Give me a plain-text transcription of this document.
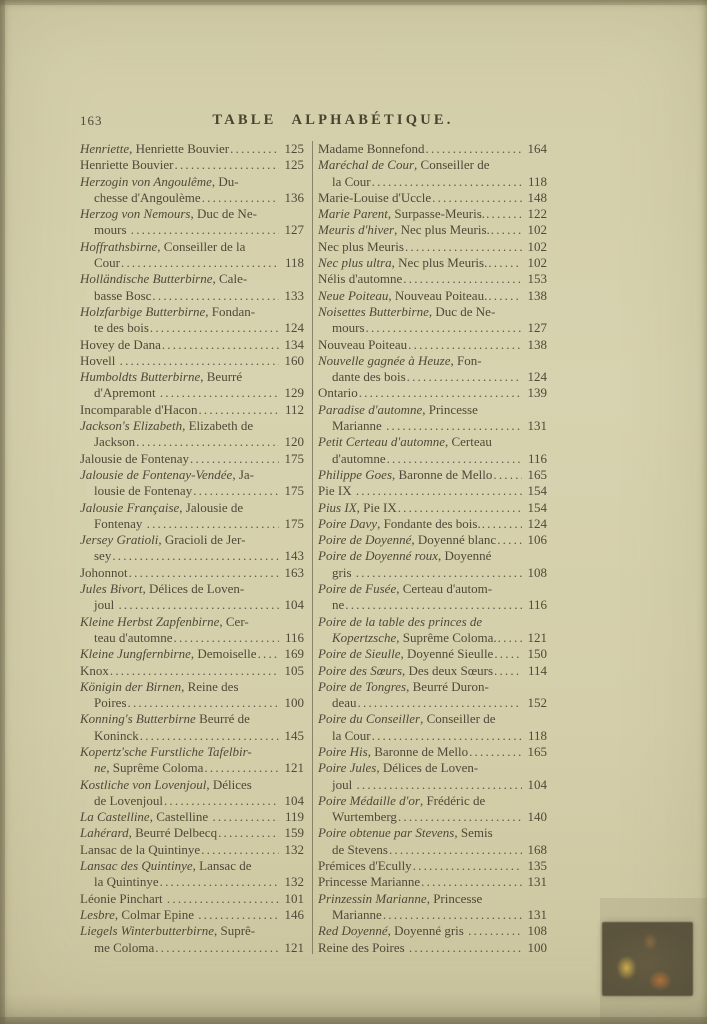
163	TABLE ALPHABÉTIQUE.
Henriette , Henriette Bouvier .....	125
Henriette Bouvier .....	125
Herzogin von Angoulême , Du-
chesse d'Angoulème .....	136
Herzog von Nemours , Duc de Ne-
mours .....	127
Hoffrathsbirne , Conseiller de la
Cour .....	118
Holländische Butterbirne , Cale-
basse Bosc .....	133
Holzfarbige Butterbirne , Fondan-
te des bois .....	124
Hovey de Dana .....	134
Hovell .....	160
Humboldts Butterbirne , Beurré
d'Apremont .....	129
Incomparable d'Hacon .....	112
Jackson's Elizabeth , Elizabeth de
Jackson .....	120
Jalousie de Fontenay .....	175
Jalousie de Fontenay-Vendée , Ja-
lousie de Fontenay .....	175
Jalousie Française , Jalousie de
Fontenay .....	175
Jersey Gratioli , Gracioli de Jer-
sey .....	143
Johonnot .....	163
Jules Bivort , Délices de Loven-
joul .....	104
Kleine Herbst Zapfenbirne , Cer-
teau d'automne .....	116
Kleine Jungfernbirne , Demoiselle ..... 169
Knox .....	105
Königin der Birnen , Reine des
Poires .....	100
Konning's Butterbirne Beurré de
Koninck .....	145
Kopertz'sche Furstliche Tafelbir-
ne , Suprême Coloma .....	121
Kostliche von Lovenjoul , Délices
de Lovenjoul .....	104
La Castelline , Castelline .....	119
Lahérard , Beurré Delbecq .....	159
Lansac de la Quintinye .....	132
Lansac des Quintinye , Lansac de
la Quintinye .....	132
Léonie Pinchart .....	101
Lesbre , Colmar Epine .....	146
Liegels Winterbutterbirne , Suprê-
me Coloma .....	121
Madame Bonnefond .....	164
Maréchal de Cour , Conseiller de
la Cour .....	118
Marie-Louise d'Uccle .....	148
Marie Parent , Surpasse-Meuris. .....	122
Meuris d'hiver , Nec plus Meuris. .....	102
Nec plus Meuris .....	102
Nec plus ultra , Nec plus Meuris. .....	102
Nélis d'automne .....	153
Neue Poiteau , Nouveau Poiteau. .....	138
Noisettes Butterbirne , Duc de Ne-
mours .....	127
Nouveau Poiteau .....	138
Nouvelle gagnée à Heuze , Fon-
dante des bois .....	124
Ontario .....	139
Paradise d'automne , Princesse
Marianne .....	131
Petit Certeau d'automne , Certeau
d'automne .....	116
Philippe Goes , Baronne de Mello .....	165
Pie IX .....	154
Pius IX , Pie IX .....	154
Poire Davy , Fondante des bois. .....	124
Poire de Doyenné , Doyenné blanc ..... 106
Poire de Doyenné roux , Doyenné
gris .....	108
Poire de Fusée , Certeau d'autom-
ne .....	116
Poire de la table des princes de
Kopertzsche , Suprême Coloma. ..... 121
Poire de Sieulle , Doyenné Sieulle .....	150
Poire des Sœurs , Des deux Sœurs .....	114
Poire de Tongres , Beurré Duron-
deau .....	152
Poire du Conseiller , Conseiller de
la Cour .....	118
Poire His , Baronne de Mello .....	165
Poire Jules , Délices de Loven-
joul .....	104
Poire Médaille d'or , Frédéric de
Wurtemberg .....	140
Poire obtenue par Stevens , Semis
de Stevens .....	168
Prémices d'Ecully .....	135
Princesse Marianne .....	131
Prinzessin Marianne , Princesse
Marianne .....	131
Red Doyenné , Doyenné gris .....	108
Reine des Poires .....	100
